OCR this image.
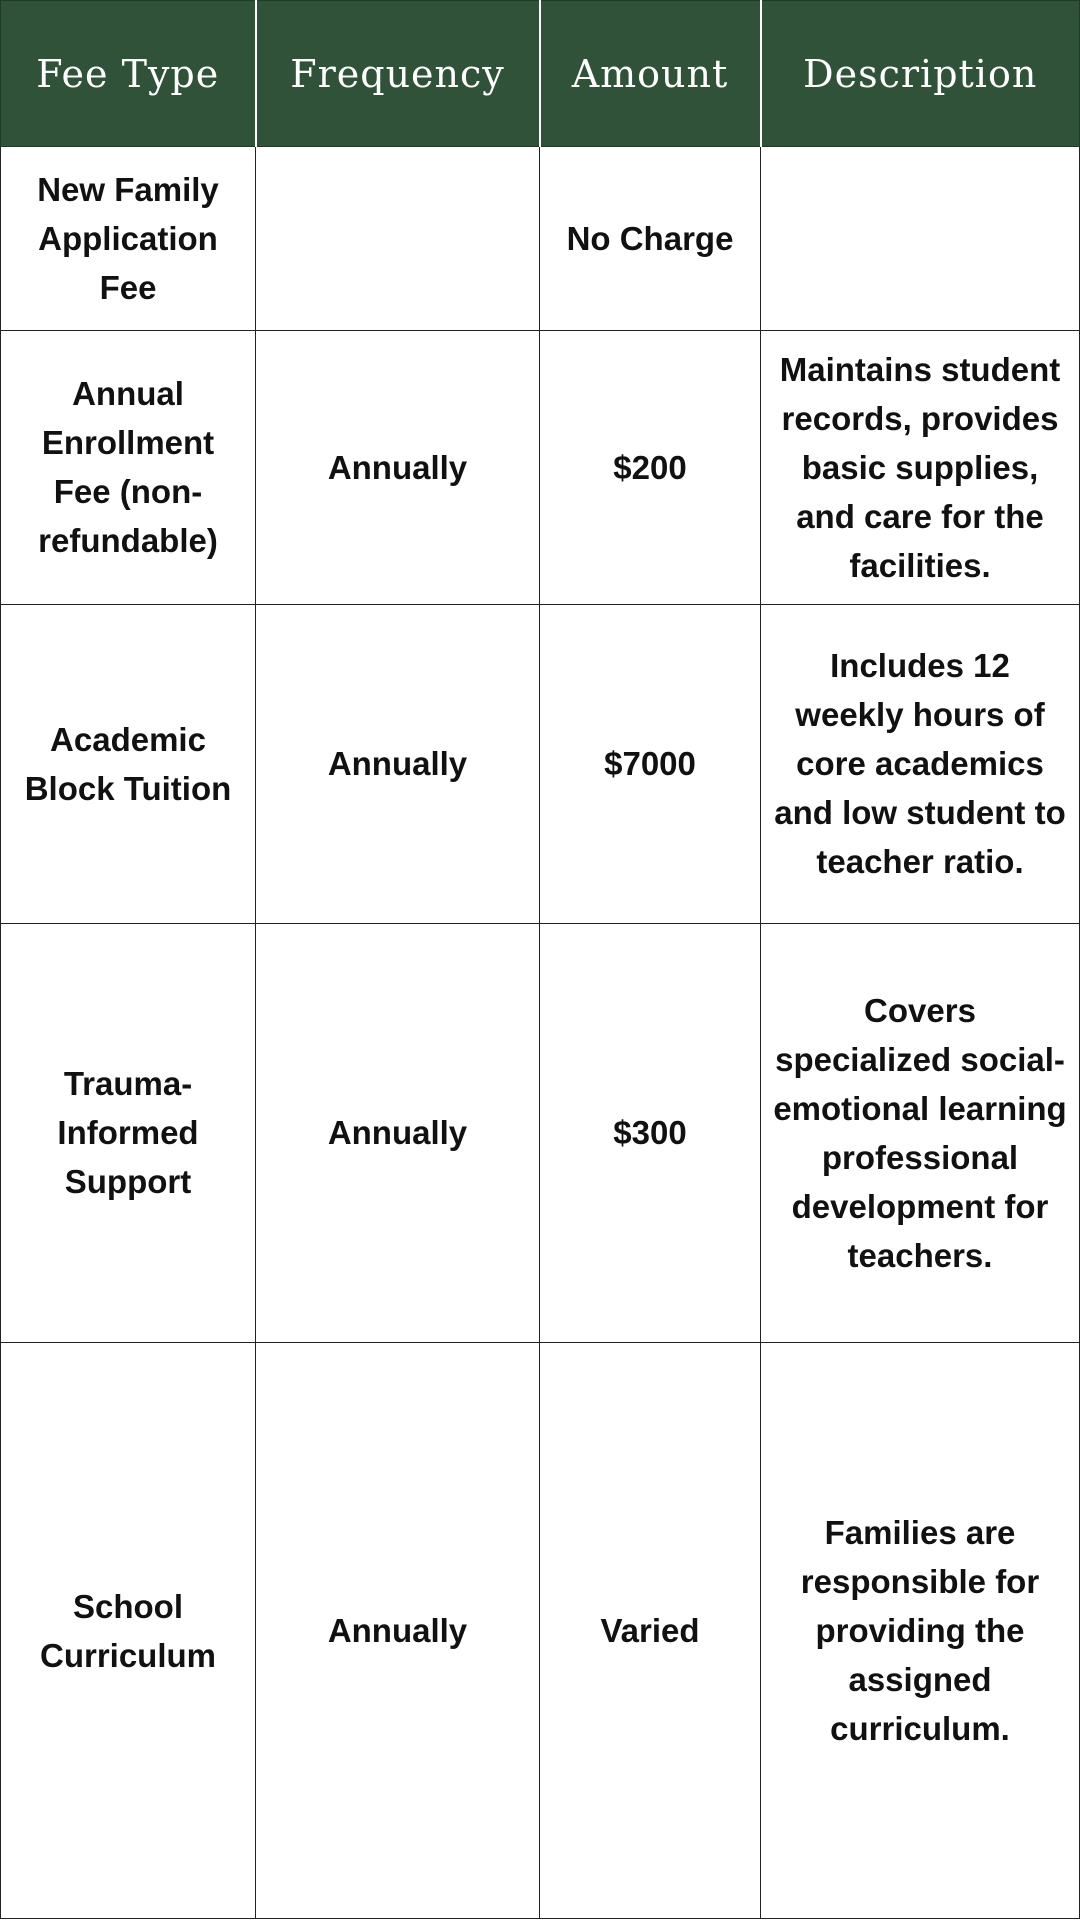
Fee Type	Frequency	Amount	Description
New Family Application Fee		No Charge	
Annual Enrollment Fee (non-refundable)	Annually	$200	Maintains student records, provides basic supplies, and care for the facilities.
Academic Block Tuition	Annually	$7000	Includes 12 weekly hours of core academics and low student to teacher ratio.
Trauma-Informed Support	Annually	$300	Covers specialized social-emotional learning professional development for teachers.
School Curriculum	Annually	Varied	Families are responsible for providing the assigned curriculum.
